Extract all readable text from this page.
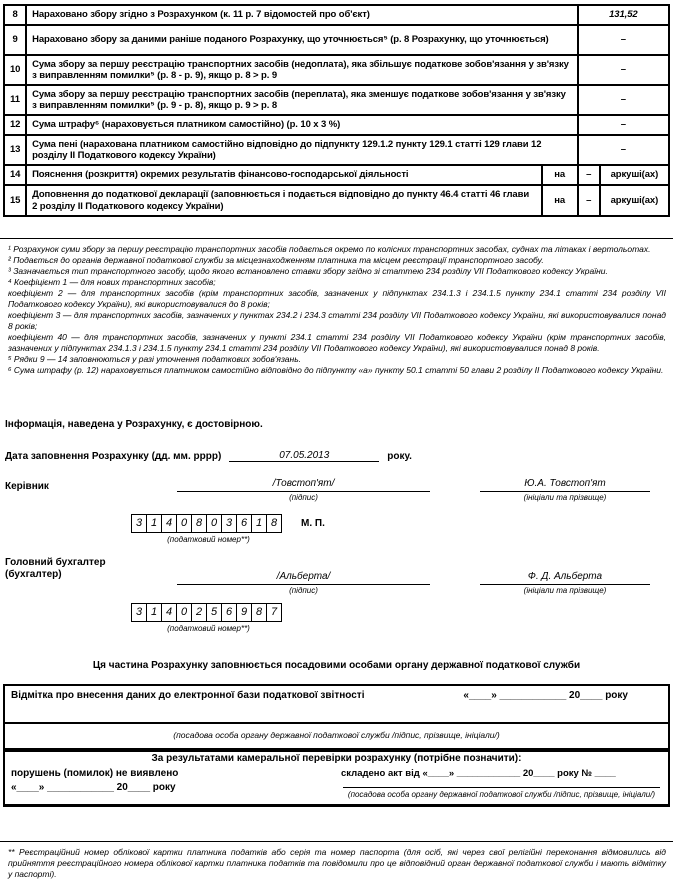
8	Нараховано збору згідно з Розрахунком (к. 11 р. 7 відомостей про об'єкт)		131,52	
9	Нараховано збору за даними раніше поданого Розрахунку, що уточнюється⁵ (р. 8 Розрахунку, що уточнюється)		–	
10	Сума збору за першу реєстрацію транспортних засобів (недоплата), яка збільшує податкове зобов'язання у зв'язку з виправленням помилки⁵ (р. 8 - р. 9), якщо р. 8 > р. 9		–	
11	Сума збору за першу реєстрацію транспортних засобів (переплата), яка зменшує податкове зобов'язання у зв'язку з виправленням помилки⁵ (р. 9 - р. 8), якщо р. 9 > р. 8		–	
12	Сума штрафу⁶ (нараховується платником самостійно) (р. 10 х 3 %)		–	
13	Сума пені (нарахована платником самостійно відповідно до підпункту 129.1.2 пункту 129.1 статті 129 глави 12 розділу II Податкового кодексу України)		–	
14	Пояснення (розкриття) окремих результатів фінансово-господарської діяльності	на	–	аркуші(ах)
15	Доповнення до податкової декларації (заповнюється і подається відповідно до пункту 46.4 статті 46 глави 2 розділу II Податкового кодексу України)	на	–	аркуші(ах)

¹ Розрахунок суми збору за першу реєстрацію транспортних засобів подається окремо по колісних транспортних засобах, суднах та літаках і вертольотах.

² Подається до органів державної податкової служби за місцезнаходженням платника та місцем реєстрації транспортного засобу.

³ Зазначається тип транспортного засобу, щодо якого встановлено ставки збору згідно зі статтею 234 розділу VII Податкового кодексу України.

⁴ Коефіцієнт 1 — для нових транспортних засобів;

коефіцієнт 2 — для транспортних засобів (крім транспортних засобів, зазначених у підпунктах 234.1.3 і 234.1.5 пункту 234.1 статті 234 розділу VII Податкового кодексу України), які використовувалися до 8 років;

коефіцієнт 3 — для транспортних засобів, зазначених у пунктах 234.2 і 234.3 статті 234 розділу VII Податкового кодексу України, які використовувалися понад 8 років;

коефіцієнт 40 — для транспортних засобів, зазначених у пункті 234.1 статті 234 розділу VII Податкового кодексу України (крім транспортних засобів, зазначених у підпунктах 234.1.3 і 234.1.5 пункту 234.1 статті 234 розділу VII Податкового кодексу України), які використовувалися понад 8 років.

⁵ Рядки 9 — 14 заповнюються у разі уточнення податкових зобов'язань.

⁶ Сума штрафу (р. 12) нараховується платником самостійно відповідно до підпункту «а» пункту 50.1 статті 50 глави 2 розділу II Податкового кодексу України.

Інформація, наведена у Розрахунку, є достовірною.

Дата заповнення Розрахунку (дд. мм. рррр)	07.05.2013	року.
Керівник	/Товстоп'ят/
(підпис)
Ю.А. Товстоп'ят
(ініціали та прізвище)
3 1 4 0 8 0 3 6 1 8	М. П.
(податковий номер**)
Головний бухгалтер
(бухгалтер)	/Альберта/
(підпис)
Ф. Д. Альберта
(ініціали та прізвище)
3 1 4 0 2 5 6 9 8 7
(податковий номер**)

Ця частина Розрахунку заповнюється посадовими особами органу державної податкової служби

Відмітка про внесення даних до електронної бази податкової звітності	«____» ____________ 20____ року
(посадова особа органу державної податкової служби /підпис, прізвище, ініціали/)
За результатами камеральної перевірки розрахунку (потрібне позначити):
порушень (помилок) не виявлено
«____» ____________ 20____ року
складено акт від «____» ____________ 20____ року № ____
(посадова особа органу державної податкової служби /підпис, прізвище, ініціали/)

** Реєстраційний номер облікової картки платника податків або серія та номер паспорта (для осіб, які через свої релігійні переконання відмовились від прийняття реєстраційного номера облікової картки платника податків та повідомили про це відповідний орган державної податкової служби і мають відмітку у паспорті).
